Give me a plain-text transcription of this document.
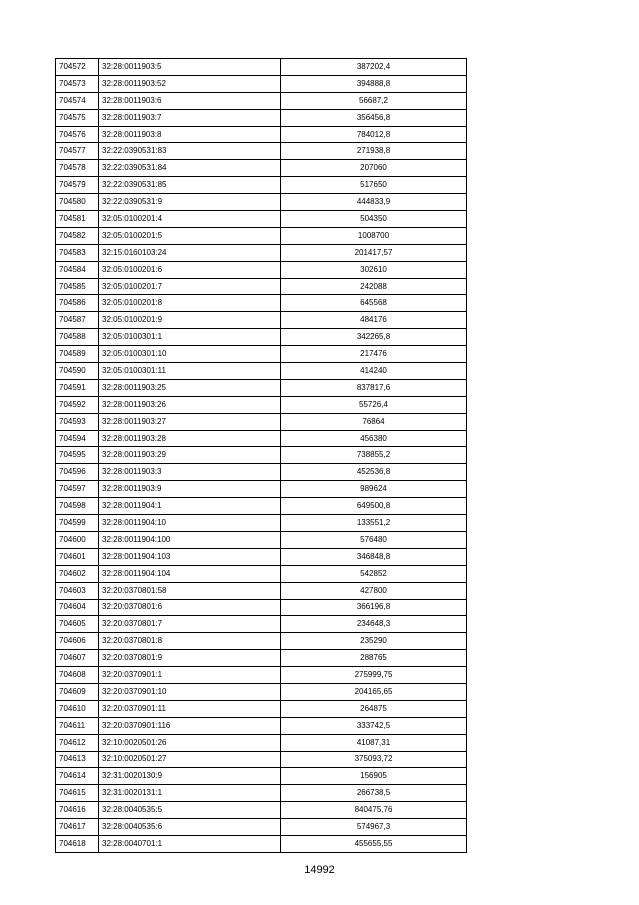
704572	32:28:0011903:5	387202,4
704573	32:28:0011903:52	394888,8
704574	32:28:0011903:6	56687,2
704575	32:28:0011903:7	356456,8
704576	32:28:0011903:8	784012,8
704577	32:22:0390531:83	271938,8
704578	32:22:0390531:84	207060
704579	32:22:0390531:85	517650
704580	32:22:0390531:9	444833,9
704581	32:05:0100201:4	504350
704582	32:05:0100201:5	1008700
704583	32:15:0160103:24	201417,57
704584	32:05:0100201:6	302610
704585	32:05:0100201:7	242088
704586	32:05:0100201:8	645568
704587	32:05:0100201:9	484176
704588	32:05:0100301:1	342265,8
704589	32:05:0100301:10	217476
704590	32:05:0100301:11	414240
704591	32:28:0011903:25	837817,6
704592	32:28:0011903:26	55726,4
704593	32:28:0011903:27	76864
704594	32:28:0011903:28	456380
704595	32:28:0011903:29	738855,2
704596	32:28:0011903:3	452536,8
704597	32:28:0011903:9	989624
704598	32:28:0011904:1	649500,8
704599	32:28:0011904:10	133551,2
704600	32:28:0011904:100	576480
704601	32:28:0011904:103	346848,8
704602	32:28:0011904:104	542852
704603	32:20:0370801:58	427800
704604	32:20:0370801:6	366196,8
704605	32:20:0370801:7	234648,3
704606	32:20:0370801:8	235290
704607	32:20:0370801:9	288765
704608	32:20:0370901:1	275999,75
704609	32:20:0370901:10	204165,65
704610	32:20:0370901:11	264875
704611	32:20:0370901:116	333742,5
704612	32:10:0020501:26	41087,31
704613	32:10:0020501:27	375093,72
704614	32:31:0020130:9	156905
704615	32:31:0020131:1	266738,5
704616	32:28:0040535:5	840475,76
704617	32:28:0040535:6	574967,3
704618	32:28:0040701:1	455655,55
14992
